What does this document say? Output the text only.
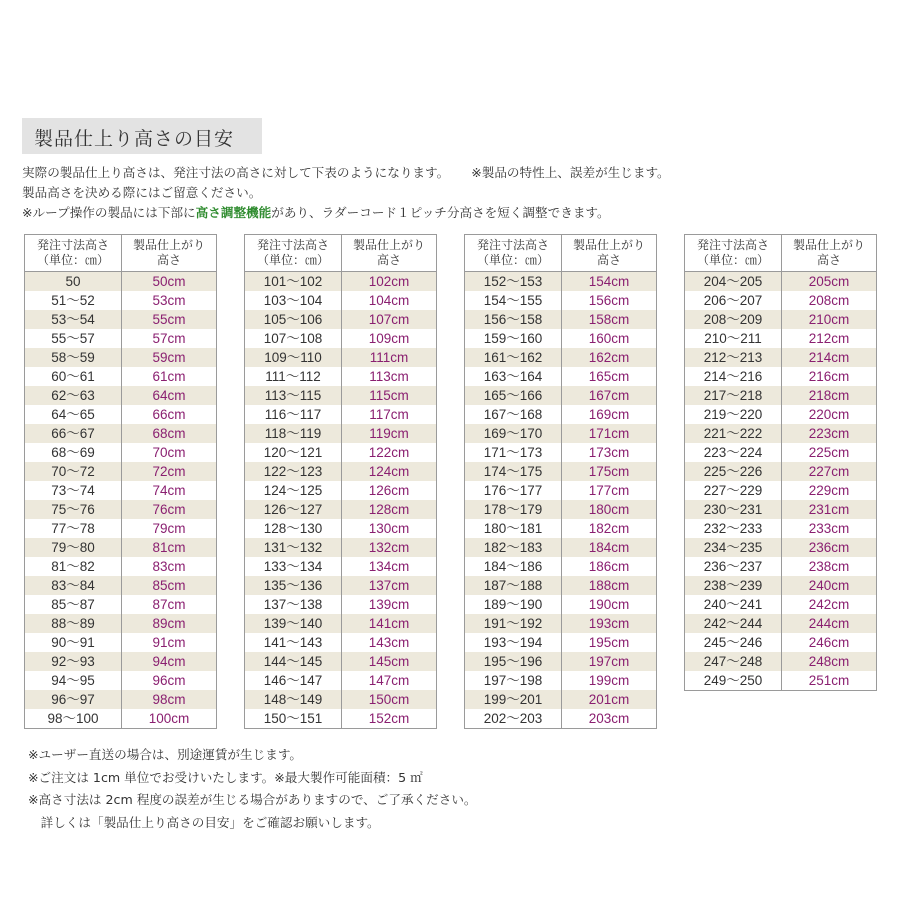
製品仕上り高さの目安
実際の製品仕上り高さは、発注寸法の高さに対して下表のようになります。 ※製品の特性上、誤差が生じます。
製品高さを決める際にはご留意ください。
※ループ操作の製品には下部に高さ調整機能があり、ラダーコード１ピッチ分高さを短く調整できます。
発注寸法高さ
（単位：㎝）	製品仕上がり
高さ
50	50cm
51～52	53cm
53～54	55cm
55～57	57cm
58～59	59cm
60～61	61cm
62～63	64cm
64～65	66cm
66～67	68cm
68～69	70cm
70～72	72cm
73～74	74cm
75～76	76cm
77～78	79cm
79～80	81cm
81～82	83cm
83～84	85cm
85～87	87cm
88～89	89cm
90～91	91cm
92～93	94cm
94～95	96cm
96～97	98cm
98～100	100cm
発注寸法高さ
（単位：㎝）	製品仕上がり
高さ
101～102	102cm
103～104	104cm
105～106	107cm
107～108	109cm
109～110	111cm
111～112	113cm
113～115	115cm
116～117	117cm
118～119	119cm
120～121	122cm
122～123	124cm
124～125	126cm
126～127	128cm
128～130	130cm
131～132	132cm
133～134	134cm
135～136	137cm
137～138	139cm
139～140	141cm
141～143	143cm
144～145	145cm
146～147	147cm
148～149	150cm
150～151	152cm
発注寸法高さ
（単位：㎝）	製品仕上がり
高さ
152～153	154cm
154～155	156cm
156～158	158cm
159～160	160cm
161～162	162cm
163～164	165cm
165～166	167cm
167～168	169cm
169～170	171cm
171～173	173cm
174～175	175cm
176～177	177cm
178～179	180cm
180～181	182cm
182～183	184cm
184～186	186cm
187～188	188cm
189～190	190cm
191～192	193cm
193～194	195cm
195～196	197cm
197～198	199cm
199～201	201cm
202～203	203cm
発注寸法高さ
（単位：㎝）	製品仕上がり
高さ
204～205	205cm
206～207	208cm
208～209	210cm
210～211	212cm
212～213	214cm
214～216	216cm
217～218	218cm
219～220	220cm
221～222	223cm
223～224	225cm
225～226	227cm
227～229	229cm
230～231	231cm
232～233	233cm
234～235	236cm
236～237	238cm
238～239	240cm
240～241	242cm
242～244	244cm
245～246	246cm
247～248	248cm
249～250	251cm
※ユーザー直送の場合は、別途運賃が生じます。
※ご注文は 1cm 単位でお受けいたします。※最大製作可能面積：5 ㎡
※高さ寸法は 2cm 程度の誤差が生じる場合がありますので、ご了承ください。
　詳しくは「製品仕上り高さの目安」をご確認お願いします。
